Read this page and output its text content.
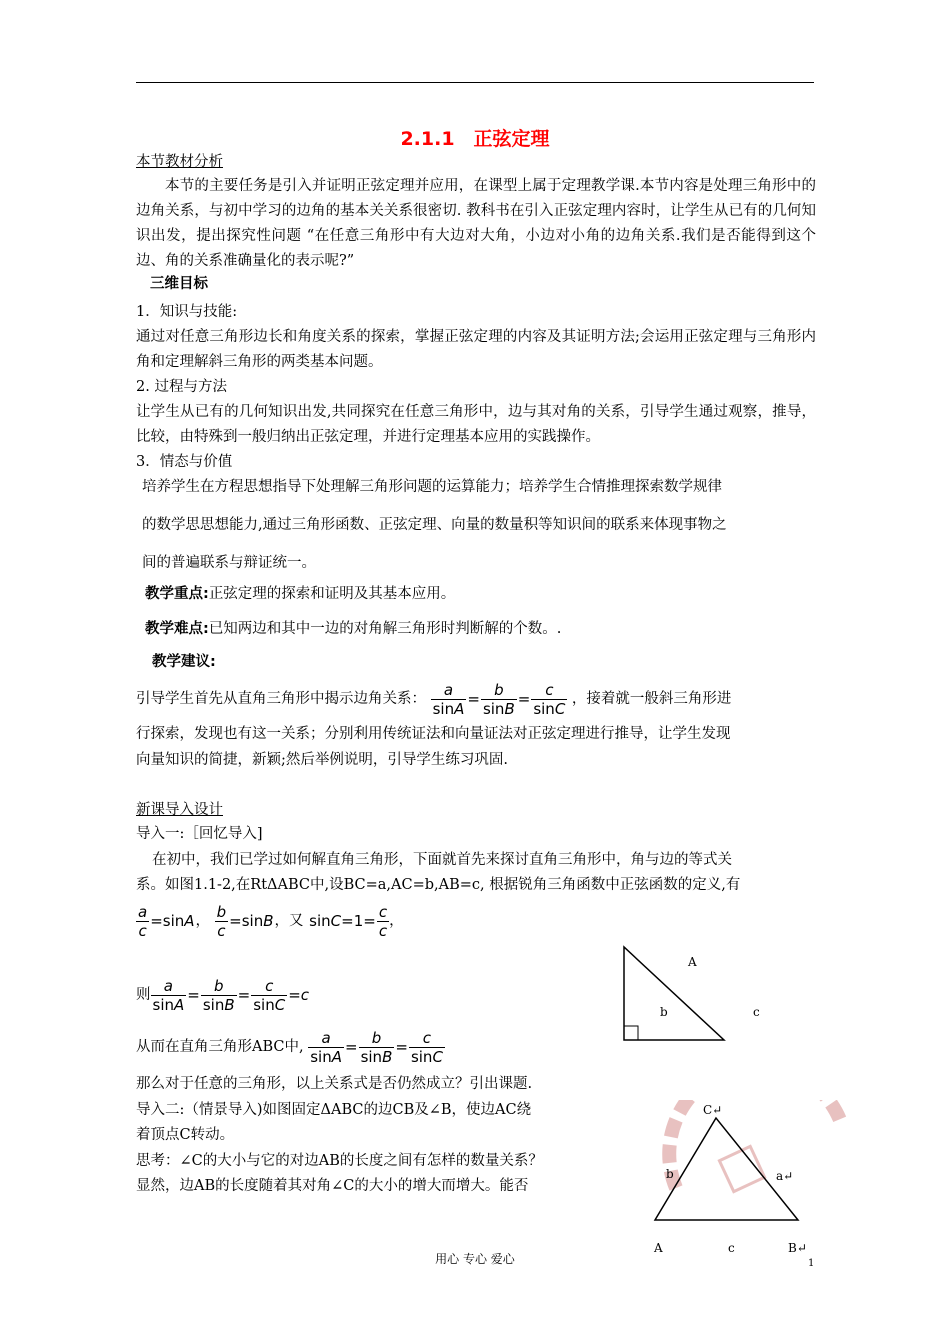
2.1.1　正弦定理
本节教材分析
本节的主要任务是引入并证明正弦定理并应用，在课型上属于定理教学课.本节内容是处理三角形中的边角关系，与初中学习的边角的基本关关系很密切. 教科书在引入正弦定理内容时，让学生从已有的几何知识出发，提出探究性问题 “在任意三角形中有大边对大角，小边对小角的边角关系.我们是否能得到这个边、角的关系准确量化的表示呢?”
三维目标
1．知识与技能:
通过对任意三角形边长和角度关系的探索，掌握正弦定理的内容及其证明方法;会运用正弦定理与三角形内角和定理解斜三角形的两类基本问题。
2. 过程与方法
让学生从已有的几何知识出发,共同探究在任意三角形中，边与其对角的关系，引导学生通过观察，推导，比较，由特殊到一般归纳出正弦定理，并进行定理基本应用的实践操作。
3．情态与价值
培养学生在方程思想指导下处理解三角形问题的运算能力；培养学生合情推理探索数学规律
的数学思思想能力,通过三角形函数、正弦定理、向量的数量积等知识间的联系来体现事物之
间的普遍联系与辩证统一。
教学重点:正弦定理的探索和证明及其基本应用。
教学难点:已知两边和其中一边的对角解三角形时判断解的个数。.
教学建议:
引导学生首先从直角三角形中揭示边角关系： $\frac{a}{\sin A} = \frac{b}{\sin B} = \frac{c}{\sin C}$ ，接着就一般斜三角形进
行探索，发现也有这一关系；分别利用传统证法和向量证法对正弦定理进行推导，让学生发现
向量知识的简捷，新颖;然后举例说明，引导学生练习巩固.
新课导入设计
导入一:［回忆导入]
在初中，我们已学过如何解直角三角形，下面就首先来探讨直角三角形中，角与边的等式关
系。如图1.1-2,在RtΔABC中,设BC=a,AC=b,AB=c, 根据锐角三角函数中正弦函数的定义,有
$\frac{a}{c} =\sin A$， $\frac{b}{c} =\sin B$，又 $\sin C=1= \frac{c}{c}$ ，
则 $\frac{a}{\sin A} = \frac{b}{\sin B} = \frac{c}{\sin C} =c$
从而在直角三角形ABC中, $\frac{a}{\sin A} = \frac{b}{\sin B} = \frac{c}{\sin C}$
那么对于任意的三角形，以上关系式是否仍然成立？引出课题.
导入二:（情景导入)如图固定ΔABC的边CB及∠B，使边AC绕
着顶点C转动。
思考：∠C的大小与它的对边AB的长度之间有怎样的数量关系？
显然，边AB的长度随着其对角∠C的大小的增大而增大。能否
A
b	c
C↵
b	a↵
A	c	B↵
用心 专心 爱心	1
